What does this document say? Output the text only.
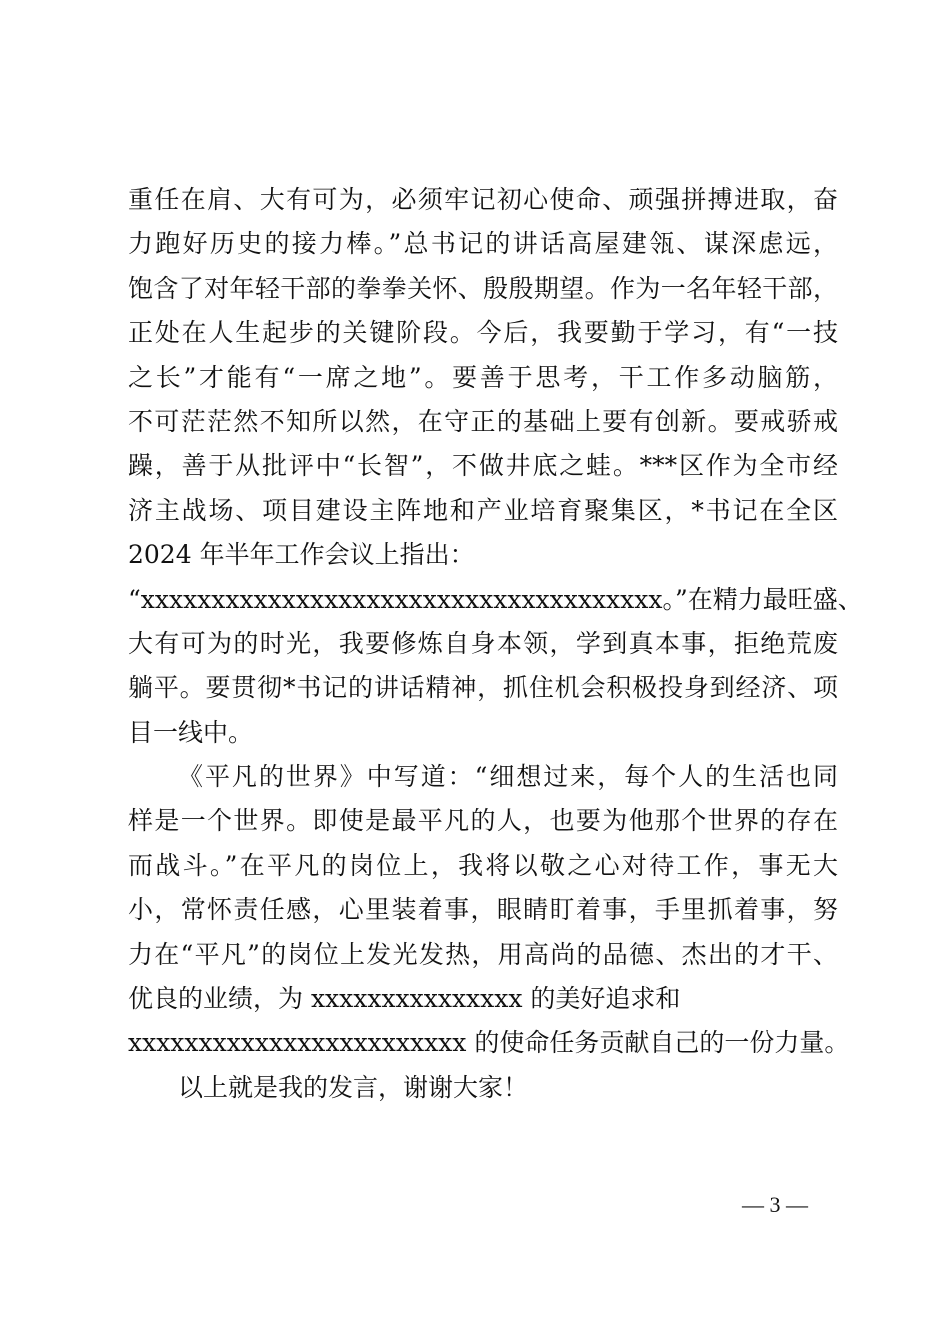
重任在肩、大有可为，必须牢记初心使命、顽强拼搏进取，奋
力跑好历史的接力棒。”总书记的讲话高屋建瓴、谋深虑远，
饱含了对年轻干部的拳拳关怀、殷殷期望。作为一名年轻干部，
正处在人生起步的关键阶段。今后，我要勤于学习，有“一技
之长”才能有“一席之地”。要善于思考，干工作多动脑筋，
不可茫茫然不知所以然，在守正的基础上要有创新。要戒骄戒
躁，善于从批评中“长智”，不做井底之蛙。***区作为全市经
济主战场、项目建设主阵地和产业培育聚集区，*书记在全区
2024 年半年工作会议上指出：
“xxxxxxxxxxxxxxxxxxxxxxxxxxxxxxxxxxxxx。”在精力最旺盛、
大有可为的时光，我要修炼自身本领，学到真本事，拒绝荒废
躺平。要贯彻*书记的讲话精神，抓住机会积极投身到经济、项
目一线中。
《平凡的世界》中写道：“细想过来，每个人的生活也同
样是一个世界。即使是最平凡的人，也要为他那个世界的存在
而战斗。”在平凡的岗位上，我将以敬之心对待工作，事无大
小，常怀责任感，心里装着事，眼睛盯着事，手里抓着事，努
力在“平凡”的岗位上发光发热，用高尚的品德、杰出的才干、
优良的业绩，为 xxxxxxxxxxxxxxx 的美好追求和
xxxxxxxxxxxxxxxxxxxxxxxx 的使命任务贡献自己的一份力量。
以上就是我的发言，谢谢大家！
— 3 —
